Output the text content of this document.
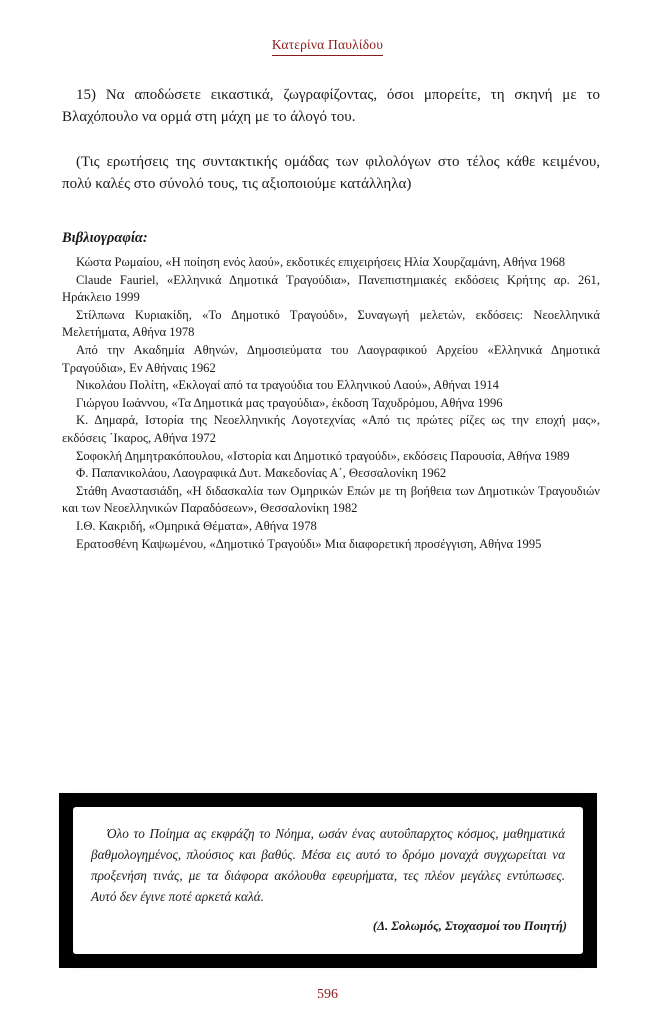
Κατερίνα Παυλίδου

15) Να αποδώσετε εικαστικά, ζωγραφίζοντας, όσοι μπορείτε, τη σκηνή με το Βλαχόπουλο να ορμά στη μάχη με το άλογό του.

(Τις ερωτήσεις της συντακτικής ομάδας των φιλολόγων στο τέλος κάθε κειμένου, πολύ καλές στο σύνολό τους, τις αξιοποιούμε κατάλληλα)

Βιβλιογραφία:
Κώστα Ρωμαίου, «Η ποίηση ενός λαού», εκδοτικές επιχειρήσεις Ηλία Χουρζαμάνη, Αθήνα 1968
Claude Fauriel, «Ελληνικά Δημοτικά Τραγούδια», Πανεπιστημιακές εκδόσεις Κρήτης αρ. 261, Ηράκλειο 1999
Στίλπωνα Κυριακίδη, «Το Δημοτικό Τραγούδι», Συναγωγή μελετών, εκδόσεις: Νεοελληνικά Μελετήματα, Αθήνα 1978
Από την Ακαδημία Αθηνών, Δημοσιεύματα του Λαογραφικού Αρχείου «Ελληνικά Δημοτικά Τραγούδια», Εν Αθήναις 1962
Νικολάου Πολίτη, «Εκλογαί από τα τραγούδια του Ελληνικού Λαού», Αθήναι 1914
Γιώργου Ιωάννου, «Τα Δημοτικά μας τραγούδια», έκδοση Ταχυδρόμου, Αθήνα 1996
Κ. Δημαρά, Ιστορία της Νεοελληνικής Λογοτεχνίας «Από τις πρώτες ρίζες ως την εποχή μας», εκδόσεις ΄Ικαρος, Αθήνα 1972
Σοφοκλή Δημητρακόπουλου, «Ιστορία και Δημοτικό τραγούδι», εκδόσεις Παρουσία, Αθήνα 1989
Φ. Παπανικολάου, Λαογραφικά Δυτ. Μακεδονίας Α΄, Θεσσαλονίκη 1962
Στάθη Αναστασιάδη, «Η διδασκαλία των Ομηρικών Επών με τη βοήθεια των Δημοτικών Τραγουδιών και των Νεοελληνικών Παραδόσεων», Θεσσαλονίκη 1982
Ι.Θ. Κακριδή, «Ομηρικά Θέματα», Αθήνα 1978
Ερατοσθένη Καψωμένου, «Δημοτικό Τραγούδι» Μια διαφορετική προσέγγιση, Αθήνα 1995

Όλο το Ποίημα ας εκφράζη το Νόημα, ωσάν ένας αυτοΰπαρχτος κόσμος, μαθηματικά βαθμολογημένος, πλούσιος και βαθύς. Μέσα εις αυτό το δρόμο μοναχά συγχωρείται να προξενήση τινάς, με τα διάφορα ακόλουθα εφευρήματα, τες πλέον μεγάλες εντύπωσες. Αυτό δεν έγινε ποτέ αρκετά καλά.

(Δ. Σολωμός, Στοχασμοί του Ποιητή)

596
